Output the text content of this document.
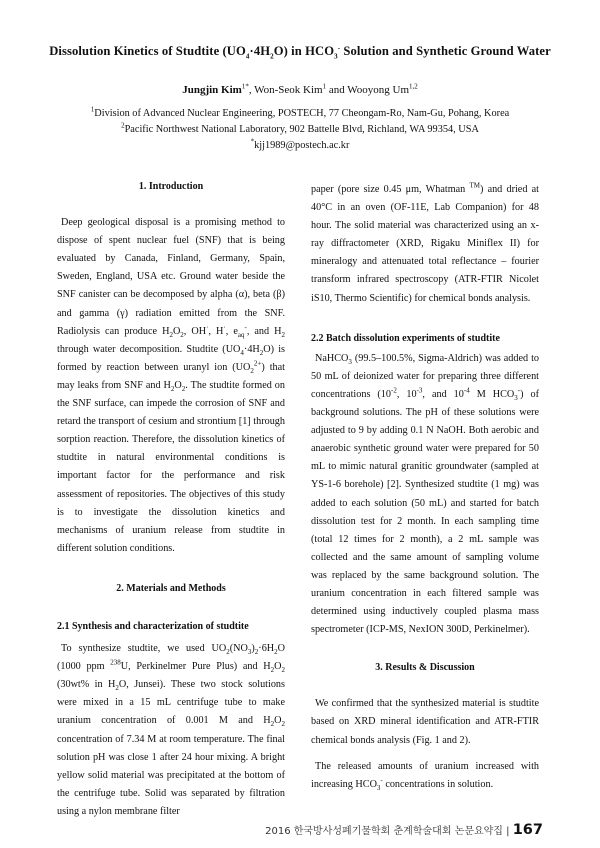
Dissolution Kinetics of Studtite $(UO_4\cdot 4H_2O)$ in $HCO_3^-$ Solution and Synthetic Ground Water
Jungjin Kim$^{1*}$, Won-Seok Kim$^1$ and Wooyong Um$^{1,2}$
$^1$Division of Advanced Nuclear Engineering, POSTECH, 77 Cheongam-Ro, Nam-Gu, Pohang, Korea
$^2$Pacific Northwest National Laboratory, 902 Battelle Blvd, Richland, WA 99354, USA
*kjj1989@postech.ac.kr

1. Introduction

Deep geological disposal is a promising method to dispose of spent nuclear fuel (SNF) that is being evaluated by Canada, Finland, Germany, Spain, Sweden, England, USA etc. Ground water beside the SNF canister can be decomposed by alpha (α), beta (β) and gamma (γ) radiation emitted from the SNF. Radiolysis can produce $H_2O_2$, OH·, H·, $e_{aq}^-$, and $H_2$ through water decomposition. Studtite $(UO_4\cdot 4H_2O)$ is formed by reaction between uranyl ion $(UO_2^{2+})$ that may leaks from SNF and $H_2O_2$. The studtite formed on the SNF surface, can impede the corrosion of SNF and retard the transport of cesium and strontium [1] through sorption reaction. Therefore, the dissolution kinetics of studtite in natural environmental conditions is important factor for the performance and risk assessment of repositories. The objectives of this study is to investigate the dissolution kinetics and mechanisms of uranium release from studtite in different solution conditions.

2. Materials and Methods

2.1 Synthesis and characterization of studtite

To synthesize studtite, we used $UO_2(NO_3)_2\cdot 6H_2O$ (1000 ppm $^{238}$U, Perkinelmer Pure Plus) and $H_2O_2$ (30wt% in $H_2O$, Junsei). These two stock solutions were mixed in a 15 mL centrifuge tube to make uranium concentration of 0.001 M and $H_2O_2$ concentration of 7.34 M at room temperature. The final solution pH was close 1 after 24 hour mixing. A bright yellow solid material was precipitated at the bottom of the centrifuge tube. Solid was separated by filtration using a nylon membrane filter

paper (pore size 0.45 μm, Whatman ™) and dried at 40°C in an oven (OF-11E, Lab Companion) for 48 hour. The solid material was characterized using an x-ray diffractometer (XRD, Rigaku Miniflex II) for mineralogy and attenuated total reflectance – fourier transform infrared spectroscopy (ATR-FTIR Nicolet iS10, Thermo Scientific) for chemical bonds analysis.

2.2 Batch dissolution experiments of studtite

NaHCO$_3$ (99.5–100.5%, Sigma-Aldrich) was added to 50 mL of deionized water for preparing three different concentrations ($10^{-2}$, $10^{-3}$, and $10^{-4}$ M $HCO_3^-$) of background solutions. The pH of these solutions were adjusted to 9 by adding 0.1 N NaOH. Both aerobic and anaerobic synthetic ground water were prepared for 50 mL to mimic natural granitic groundwater (sampled at YS-1-6 borehole) [2]. Synthesized studtite (1 mg) was added to each solution (50 mL) and started for batch dissolution test for 2 month. In each sampling time (total 12 times for 2 month), a 2 mL sample was collected and the same amount of sampling volume was replaced by the same background solution. The uranium concentration in each filtered sample was determined using inductively coupled plasma mass spectrometer (ICP-MS, NexION 300D, Perkinelmer).

3. Results & Discussion

We confirmed that the synthesized material is studtite based on XRD mineral identification and ATR-FTIR chemical bonds analysis (Fig. 1 and 2).

The released amounts of uranium increased with increasing $HCO_3^-$ concentrations in solution.

2016 한국방사성폐기물학회 춘계학술대회 논문요약집 | 167
